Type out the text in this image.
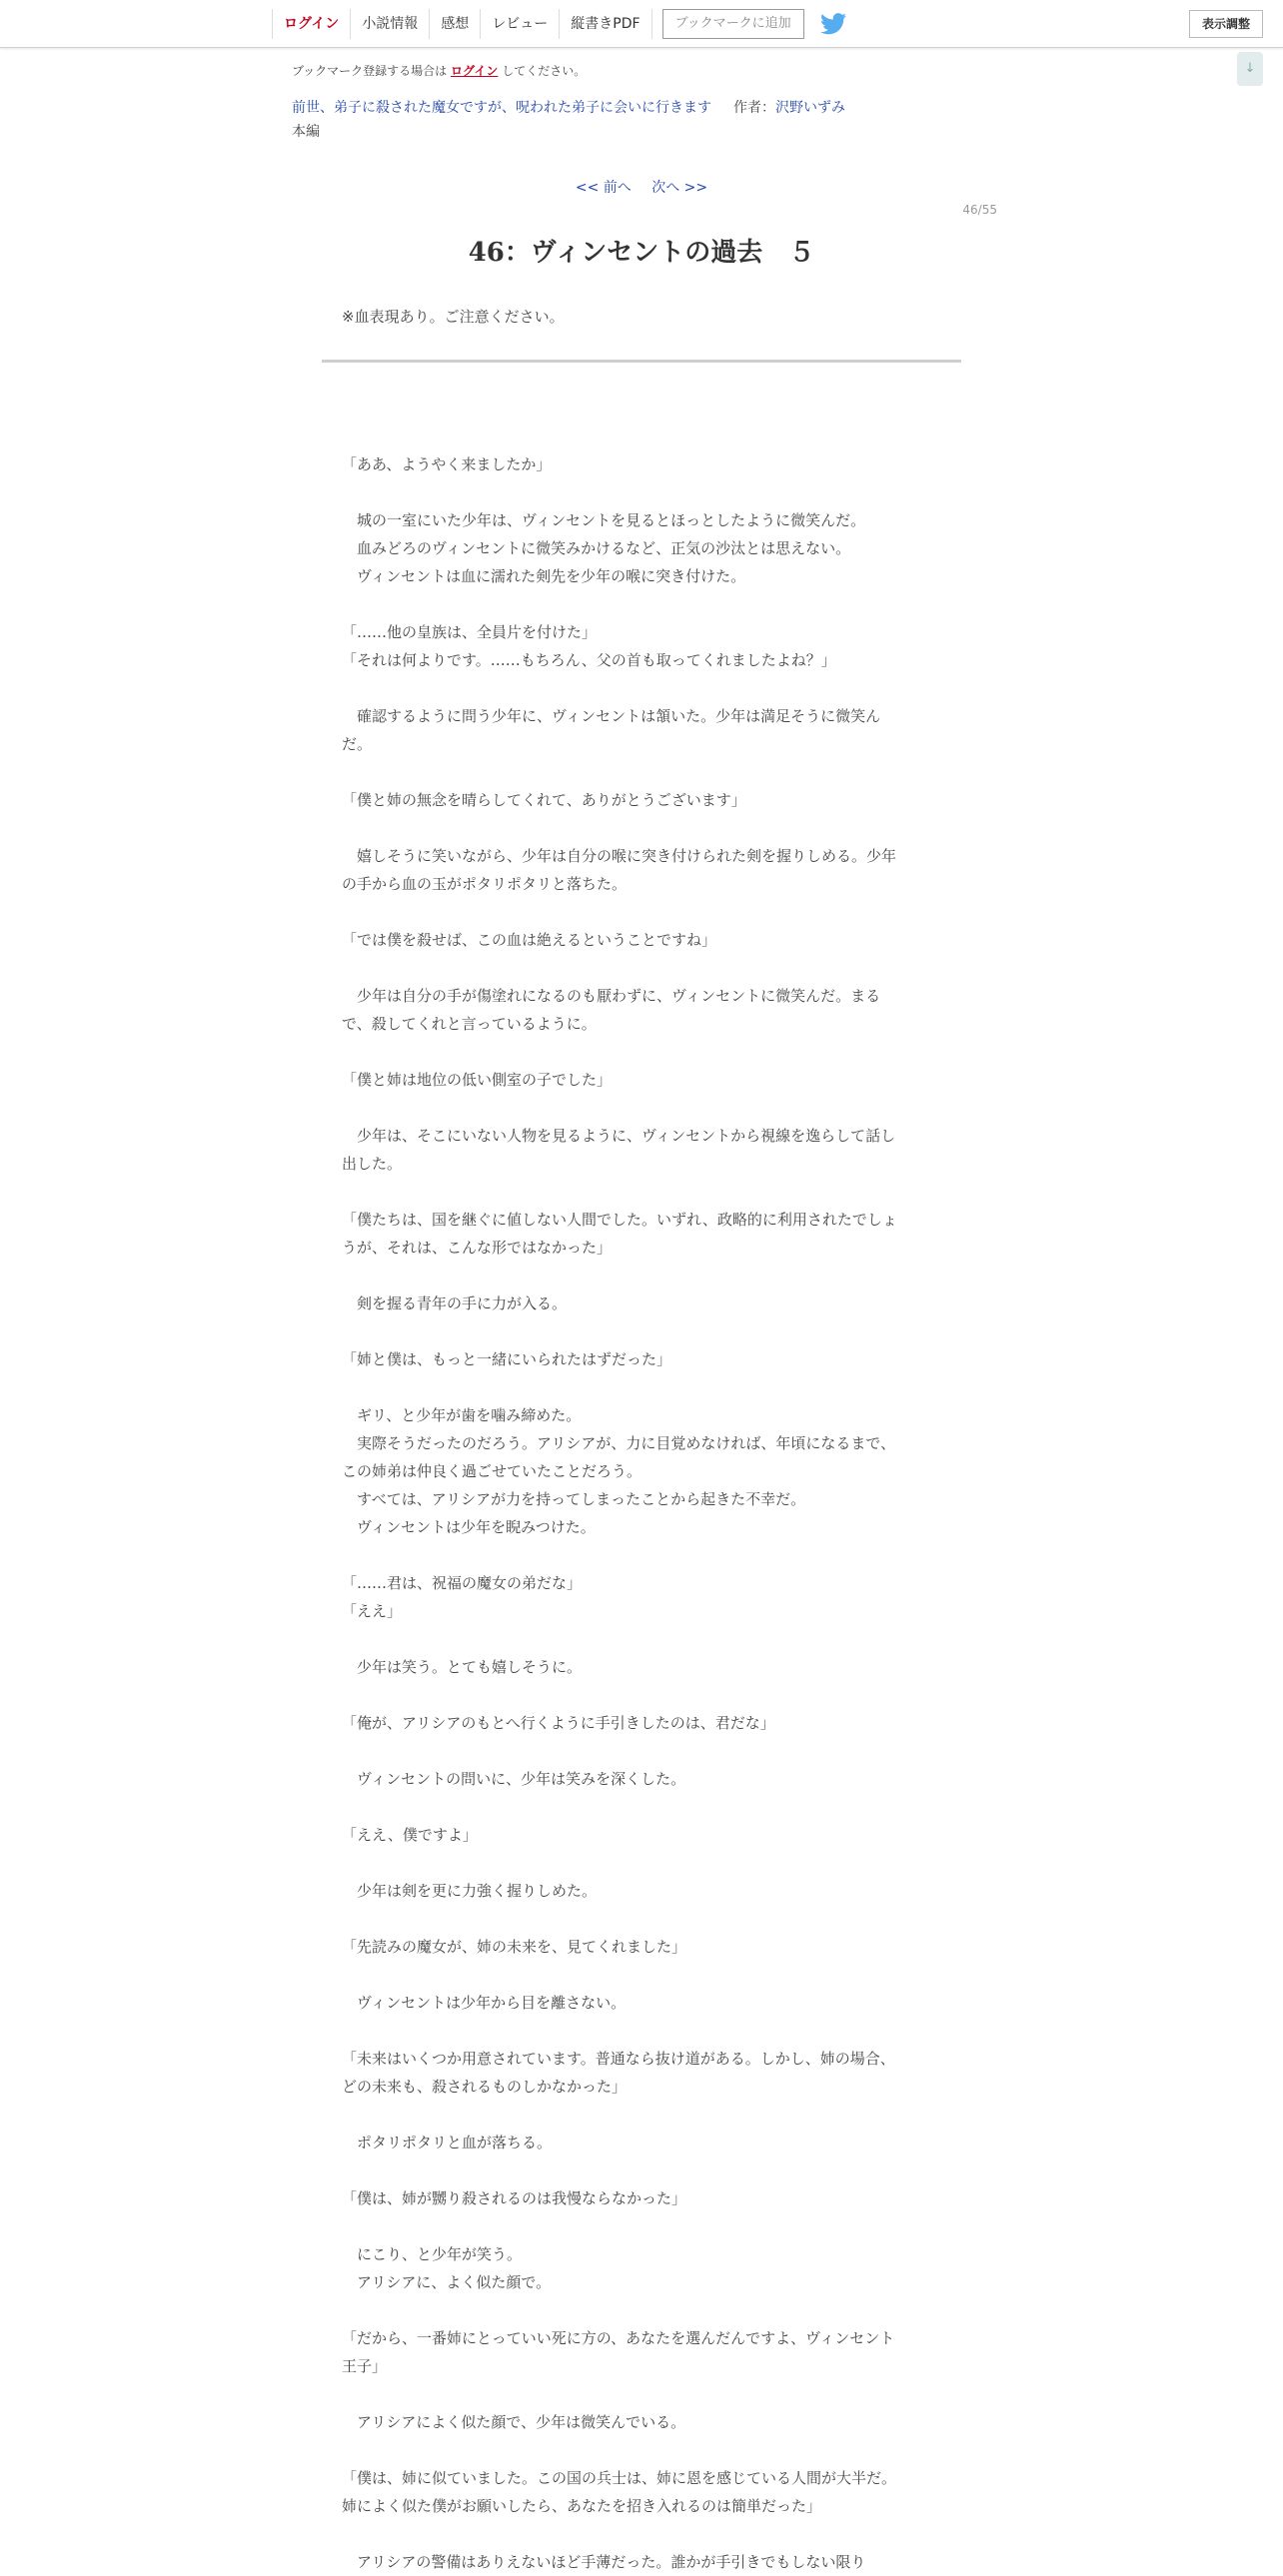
ログイン	小説情報	感想	レビュー	縦書きPDF	ブックマークに追加	表示調整
↓
ブックマーク登録する場合は ログイン してください。
前世、弟子に殺された魔女ですが、呪われた弟子に会いに行きます 作者：沢野いずみ
本編
<< 前へ 次へ >>
46/55
46：ヴィンセントの過去　５
※血表現あり。ご注意ください。
「ああ、ようやく来ましたか」
　城の一室にいた少年は、ヴィンセントを見るとほっとしたように微笑んだ。
　血みどろのヴィンセントに微笑みかけるなど、正気の沙汰とは思えない。
　ヴィンセントは血に濡れた剣先を少年の喉に突き付けた。
「……他の皇族は、全員片を付けた」
「それは何よりです。……もちろん、父の首も取ってくれましたよね？」
　確認するように問う少年に、ヴィンセントは頷いた。少年は満足そうに微笑ん
だ。
「僕と姉の無念を晴らしてくれて、ありがとうございます」
　嬉しそうに笑いながら、少年は自分の喉に突き付けられた剣を握りしめる。少年
の手から血の玉がポタリポタリと落ちた。
「では僕を殺せば、この血は絶えるということですね」
　少年は自分の手が傷塗れになるのも厭わずに、ヴィンセントに微笑んだ。まる
で、殺してくれと言っているように。
「僕と姉は地位の低い側室の子でした」
　少年は、そこにいない人物を見るように、ヴィンセントから視線を逸らして話し
出した。
「僕たちは、国を継ぐに値しない人間でした。いずれ、政略的に利用されたでしょ
うが、それは、こんな形ではなかった」
　剣を握る青年の手に力が入る。
「姉と僕は、もっと一緒にいられたはずだった」
　ギリ、と少年が歯を噛み締めた。
　実際そうだったのだろう。アリシアが、力に目覚めなければ、年頃になるまで、
この姉弟は仲良く過ごせていたことだろう。
　すべては、アリシアが力を持ってしまったことから起きた不幸だ。
　ヴィンセントは少年を睨みつけた。
「……君は、祝福の魔女の弟だな」
「ええ」
　少年は笑う。とても嬉しそうに。
「俺が、アリシアのもとへ行くように手引きしたのは、君だな」
　ヴィンセントの問いに、少年は笑みを深くした。
「ええ、僕ですよ」
　少年は剣を更に力強く握りしめた。
「先読みの魔女が、姉の未来を、見てくれました」
　ヴィンセントは少年から目を離さない。
「未来はいくつか用意されています。普通なら抜け道がある。しかし、姉の場合、
どの未来も、殺されるものしかなかった」
　ポタリポタリと血が落ちる。
「僕は、姉が嬲り殺されるのは我慢ならなかった」
　にこり、と少年が笑う。
　アリシアに、よく似た顔で。
「だから、一番姉にとっていい死に方の、あなたを選んだんですよ、ヴィンセント
王子」
　アリシアによく似た顔で、少年は微笑んでいる。
「僕は、姉に似ていました。この国の兵士は、姉に恩を感じている人間が大半だ。
姉によく似た僕がお願いしたら、あなたを招き入れるのは簡単だった」
　アリシアの警備はありえないほど手薄だった。誰かが手引きでもしない限り
